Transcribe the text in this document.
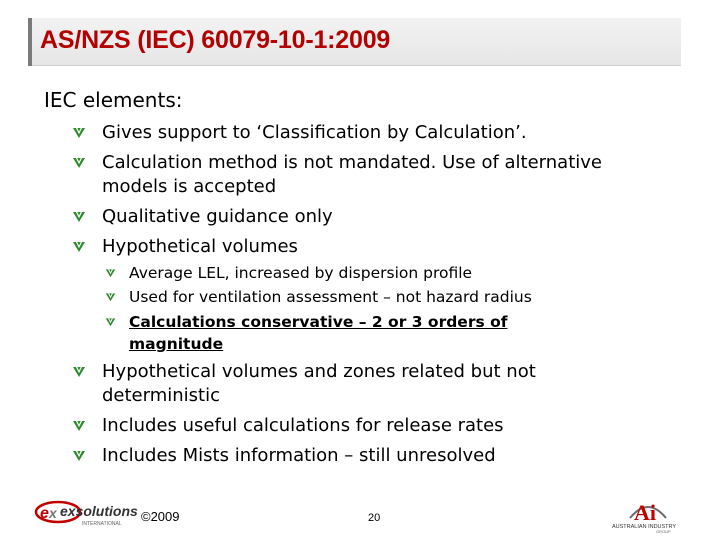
AS/NZS (IEC) 60079-10-1:2009
IEC elements:
Gives support to ‘Classification by Calculation’.
Calculation method is not mandated. Use of alternative
models is accepted
Qualitative guidance only
Hypothetical volumes
Average LEL, increased by dispersion profile
Used for ventilation assessment – not hazard radius
Calculations conservative – 2 or 3 orders of
magnitude
Hypothetical volumes and zones related but not
deterministic
Includes useful calculations for release rates
Includes Mists information – still unresolved
e x exsolutions
INTERNATIONAL ©2009	20	Ai
AUSTRALIAN INDUSTRY
GROUP
